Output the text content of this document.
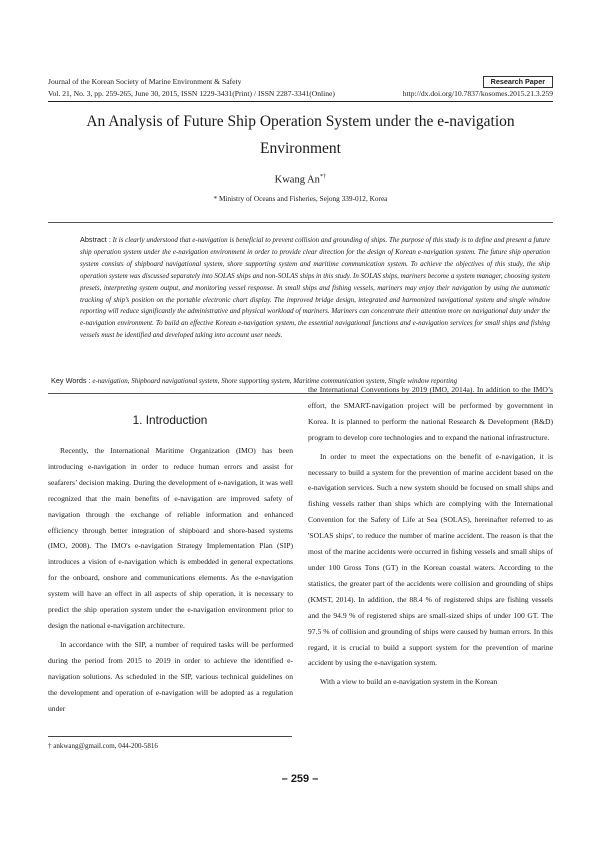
Journal of the Korean Society of Marine Environment & Safety	Research Paper
Vol. 21, No. 3, pp. 259-265, June 30, 2015, ISSN 1229-3431(Print) / ISSN 2287-3341(Online)	http://dx.doi.org/10.7837/kosomes.2015.21.3.259
An Analysis of Future Ship Operation System under the e-navigation Environment
Kwang An*†
* Ministry of Oceans and Fisheries, Sejong 339-012, Korea
Abstract : It is clearly understood that e-navigation is beneficial to prevent collision and grounding of ships. The purpose of this study is to define and present a future ship operation system under the e-navigation environment in order to provide clear direction for the design of Korean e-navigation system. The future ship operation system consists of shipboard navigational system, shore supporting system and maritime communication system. To achieve the objectives of this study, the ship operation system was discussed separately into SOLAS ships and non-SOLAS ships in this study. In SOLAS ships, mariners become a system manager, choosing system presets, interpreting system output, and monitoring vessel response. In small ships and fishing vessels, mariners may enjoy their navigation by using the automatic tracking of ship’s position on the portable electronic chart display. The improved bridge design, integrated and harmonized navigational system and single window reporting will reduce significantly the administrative and physical workload of mariners. Mariners can concentrate their attention more on navigational duty under the e-navigation environment. To build an effective Korean e-navigation system, the essential navigational functions and e-navigation services for small ships and fishing vessels must be identified and developed taking into account user needs.
Key Words : e-navigation, Shipboard navigational system, Shore supporting system, Maritime communication system, Single window reporting
1. Introduction

Recently, the International Maritime Organization (IMO) has been introducing e-navigation in order to reduce human errors and assist for seafarers’ decision making. During the development of e-navigation, it was well recognized that the main benefits of e-navigation are improved safety of navigation through the exchange of reliable information and enhanced efficiency through better integration of shipboard and shore-based systems (IMO, 2008). The IMO's e-navigation Strategy Implementation Plan (SIP) introduces a vision of e-navigation which is embedded in general expectations for the onboard, onshore and communications elements. As the e-navigation system will have an effect in all aspects of ship operation, it is necessary to predict the ship operation system under the e-navigation environment prior to design the national e-navigation architecture.

In accordance with the SIP, a number of required tasks will be performed during the period from 2015 to 2019 in order to achieve the identified e-navigation solutions. As scheduled in the SIP, various technical guidelines on the development and operation of e-navigation will be adopted as a regulation under

the International Conventions by 2019 (IMO, 2014a). In addition to the IMO’s effort, the SMART-navigation project will be performed by government in Korea. It is planned to perform the national Research & Development (R&D) program to develop core technologies and to expand the national infrastructure.

In order to meet the expectations on the benefit of e-navigation, it is necessary to build a system for the prevention of marine accident based on the e-navigation services. Such a new system should be focused on small ships and fishing vessels rather than ships which are complying with the International Convention for the Safety of Life at Sea (SOLAS), hereinafter referred to as 'SOLAS ships', to reduce the number of marine accident. The reason is that the most of the marine accidents were occurred in fishing vessels and small ships of under 100 Gross Tons (GT) in the Korean coastal waters. According to the statistics, the greater part of the accidents were collision and grounding of ships (KMST, 2014). In addition, the 88.4 % of registered ships are fishing vessels and the 94.9 % of registered ships are small-sized ships of under 100 GT. The 97.5 % of collision and grounding of ships were caused by human errors. In this regard, it is crucial to build a support system for the prevention of marine accident by using the e-navigation system.

With a view to build an e-navigation system in the Korean

† ankwang@gmail.com, 044-200-5816
– 259 –
